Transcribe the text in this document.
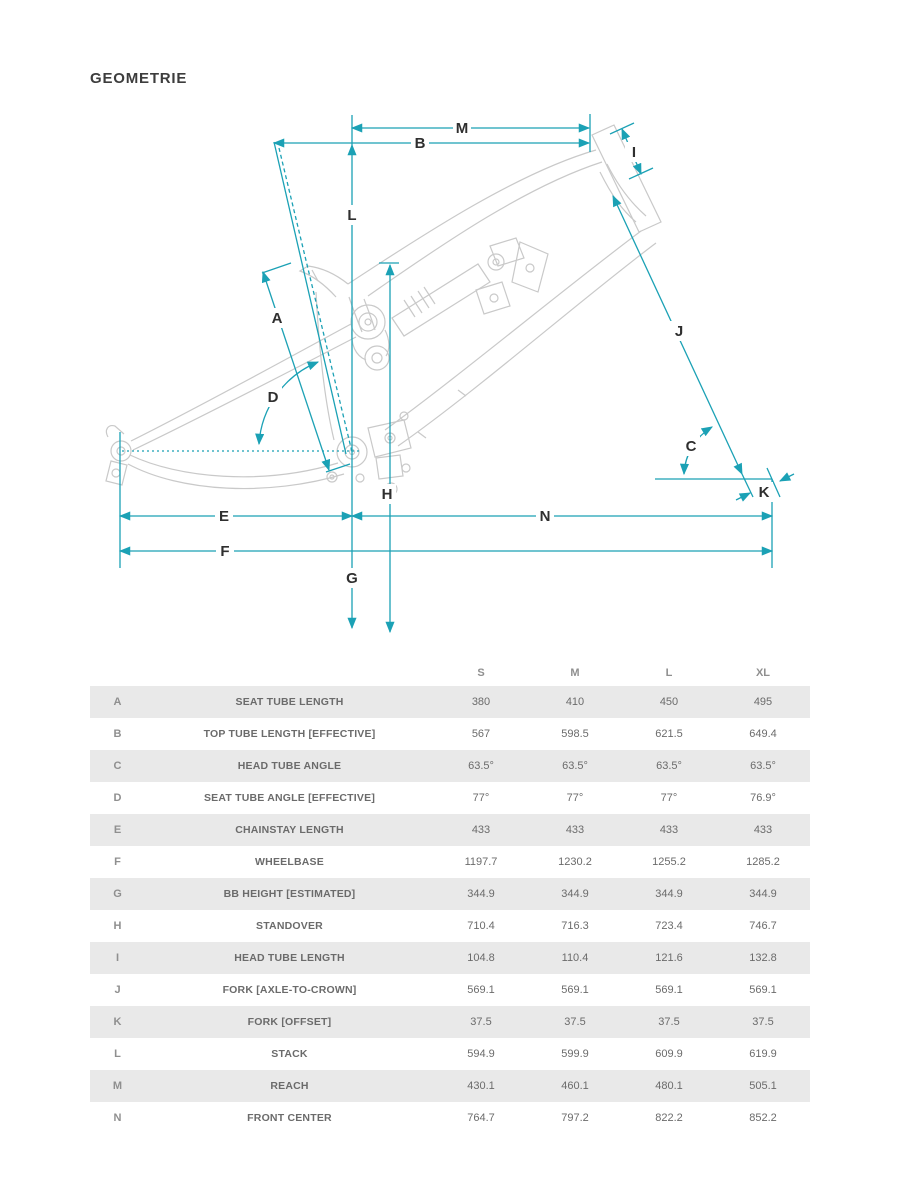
GEOMETRIE
M
B
L
A
D
I
J
C
K
H
E	N
F
G
S	M	L	XL
A	SEAT TUBE LENGTH	380	410	450	495
B	TOP TUBE LENGTH [EFFECTIVE]	567	598.5	621.5	649.4
C	HEAD TUBE ANGLE	63.5°	63.5°	63.5°	63.5°
D	SEAT TUBE ANGLE [EFFECTIVE]	77°	77°	77°	76.9°
E	CHAINSTAY LENGTH	433	433	433	433
F	WHEELBASE	1197.7	1230.2	1255.2	1285.2
G	BB HEIGHT [ESTIMATED]	344.9	344.9	344.9	344.9
H	STANDOVER	710.4	716.3	723.4	746.7
I	HEAD TUBE LENGTH	104.8	110.4	121.6	132.8
J	FORK [AXLE-TO-CROWN]	569.1	569.1	569.1	569.1
K	FORK [OFFSET]	37.5	37.5	37.5	37.5
L	STACK	594.9	599.9	609.9	619.9
M	REACH	430.1	460.1	480.1	505.1
N	FRONT CENTER	764.7	797.2	822.2	852.2
